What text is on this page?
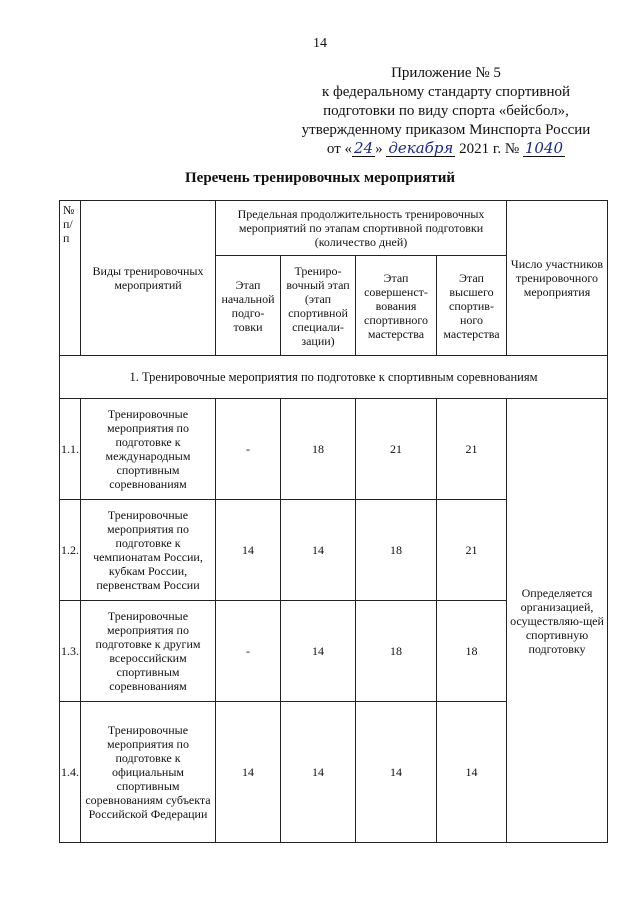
14
Приложение № 5
к федеральному стандарту спортивной
подготовки по виду спорта «бейсбол»,
утвержденному приказом Минспорта России
от « 24 » декабря 2021 г. № 1040
Перечень тренировочных мероприятий
№ п/п	Виды тренировочных мероприятий	Предельная продолжительность тренировочных мероприятий по этапам спортивной подготовки (количество дней)				Число участников тренировочного мероприятия
		Этап начальной подго-товки	Трениро-вочный этап (этап спортивной специали-зации)	Этап совершенст-вования спортивного мастерства	Этап высшего спортив-ного мастерства	
1. Тренировочные мероприятия по подготовке к спортивным соревнованиям						
1.1.	Тренировочные мероприятия по подготовке к международным спортивным соревнованиям	-	18	21	21	Определяется организацией, осуществляю-щей спортивную подготовку
1.2.	Тренировочные мероприятия по подготовке к чемпионатам России, кубкам России, первенствам России	14	14	18	21	
1.3.	Тренировочные мероприятия по подготовке к другим всероссийским спортивным соревнованиям	-	14	18	18	
1.4.	Тренировочные мероприятия по подготовке к официальным спортивным соревнованиям субъекта Российской Федерации	14	14	14	14	
